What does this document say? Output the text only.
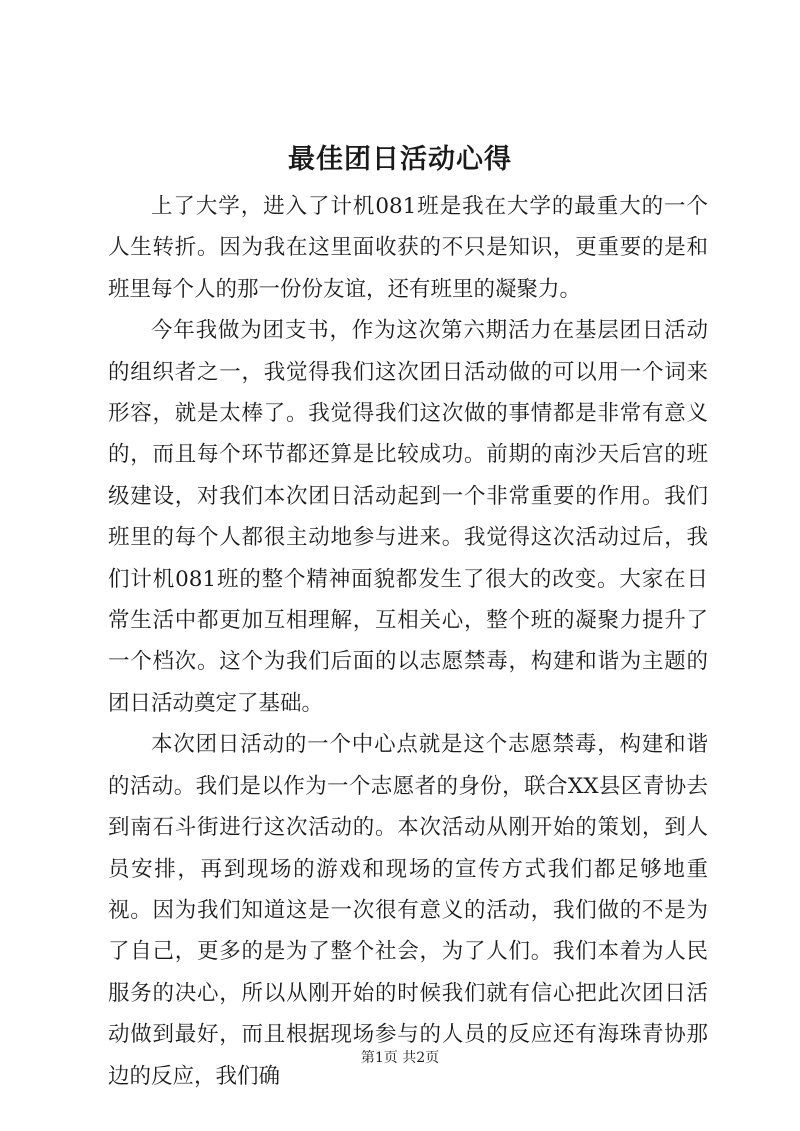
最佳团日活动心得

上了大学，进入了计机081班是我在大学的最重大的一个人生转折。因为我在这里面收获的不只是知识，更重要的是和班里每个人的那一份份友谊，还有班里的凝聚力。

今年我做为团支书，作为这次第六期活力在基层团日活动的组织者之一，我觉得我们这次团日活动做的可以用一个词来形容，就是太棒了。我觉得我们这次做的事情都是非常有意义的，而且每个环节都还算是比较成功。前期的南沙天后宫的班级建设，对我们本次团日活动起到一个非常重要的作用。我们班里的每个人都很主动地参与进来。我觉得这次活动过后，我们计机081班的整个精神面貌都发生了很大的改变。大家在日常生活中都更加互相理解，互相关心，整个班的凝聚力提升了一个档次。这个为我们后面的以志愿禁毒，构建和谐为主题的团日活动奠定了基础。

本次团日活动的一个中心点就是这个志愿禁毒，构建和谐的活动。我们是以作为一个志愿者的身份，联合XX县区青协去到南石斗街进行这次活动的。本次活动从刚开始的策划，到人员安排，再到现场的游戏和现场的宣传方式我们都足够地重视。因为我们知道这是一次很有意义的活动，我们做的不是为了自己，更多的是为了整个社会，为了人们。我们本着为人民服务的决心，所以从刚开始的时候我们就有信心把此次团日活动做到最好，而且根据现场参与的人员的反应还有海珠青协那边的反应，我们确

第1页 共2页
